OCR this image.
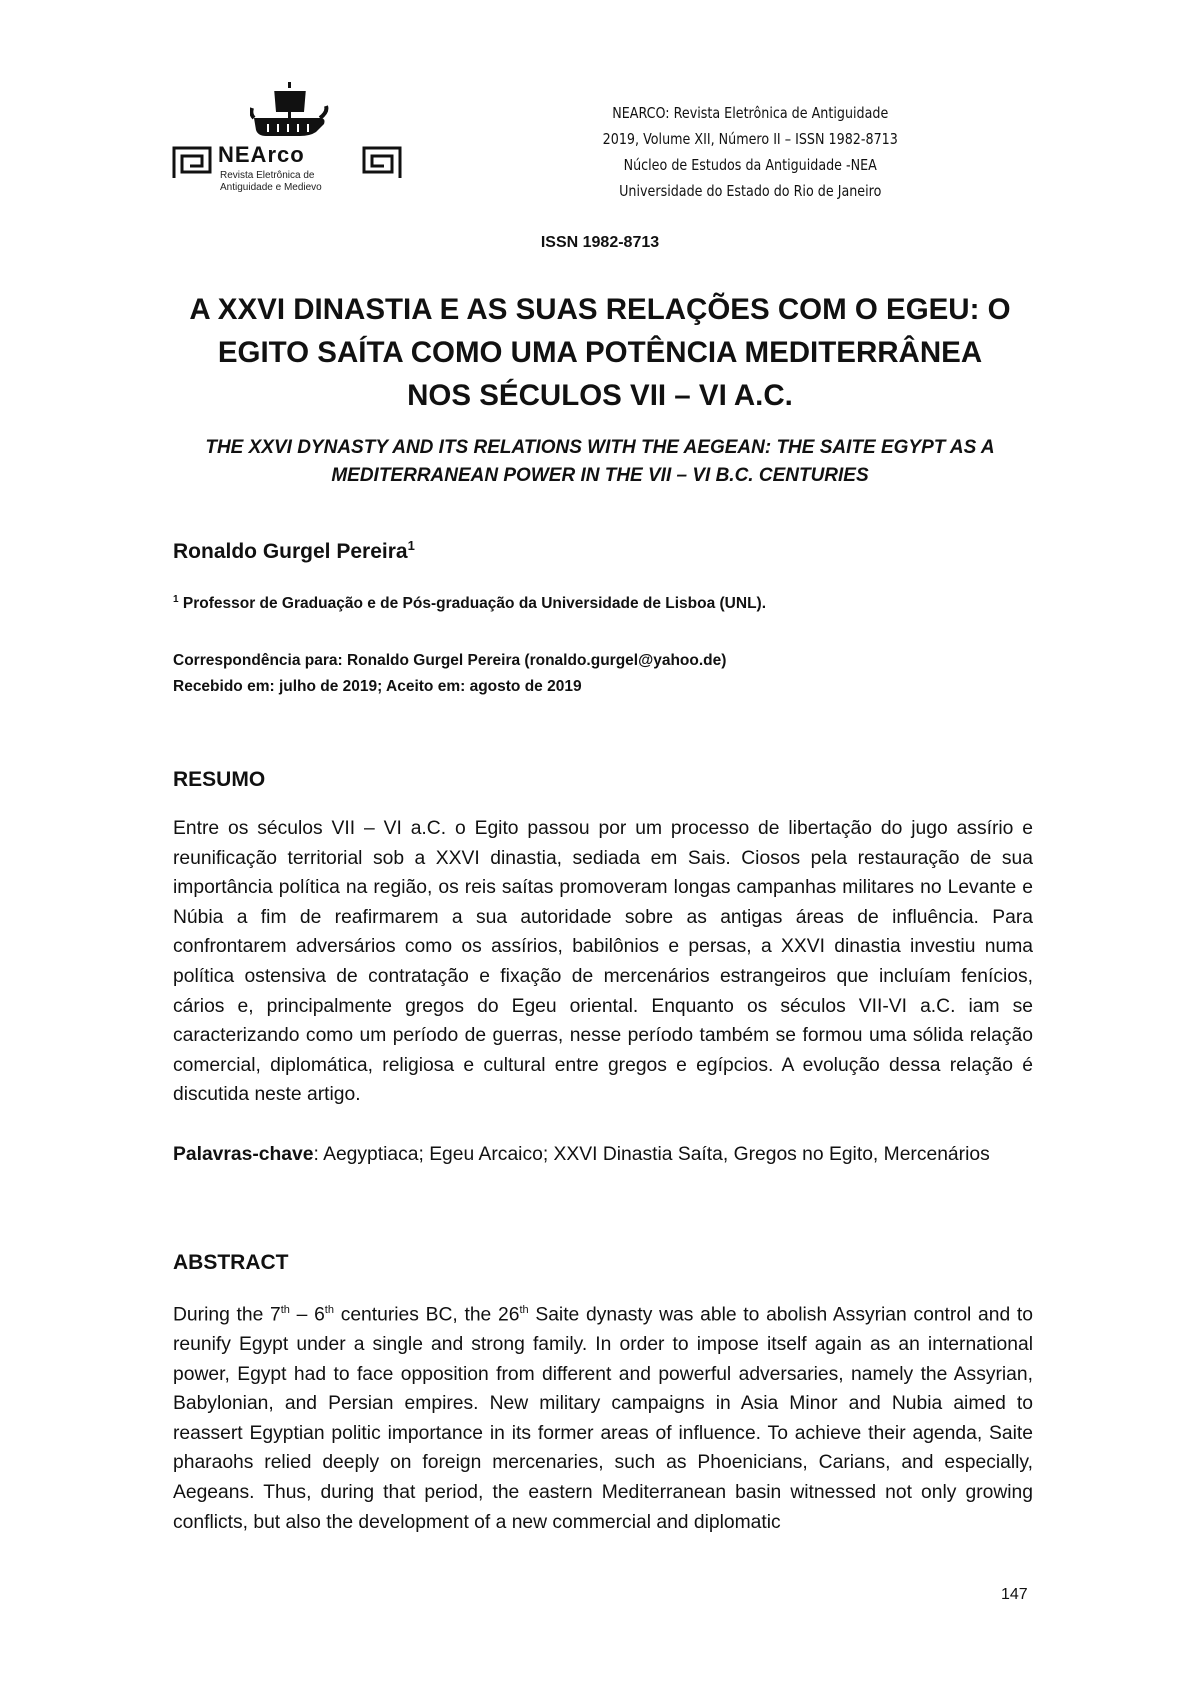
NEArco
Revista Eletrônica de
Antiguidade e Medievo
NEARCO: Revista Eletrônica de Antiguidade
2019, Volume XII, Número II – ISSN 1982-8713
Núcleo de Estudos da Antiguidade -NEA
Universidade do Estado do Rio de Janeiro
ISSN 1982-8713
A XXVI DINASTIA E AS SUAS RELAÇÕES COM O EGEU: O
EGITO SAÍTA COMO UMA POTÊNCIA MEDITERRÂNEA
NOS SÉCULOS VII – VI A.C.
THE XXVI DYNASTY AND ITS RELATIONS WITH THE AEGEAN: THE SAITE EGYPT AS A
MEDITERRANEAN POWER IN THE VII – VI B.C. CENTURIES
Ronaldo Gurgel Pereira$^1$
$^1$ Professor de Graduação e de Pós-graduação da Universidade de Lisboa (UNL).
Correspondência para: Ronaldo Gurgel Pereira (ronaldo.gurgel@yahoo.de)
Recebido em: julho de 2019; Aceito em: agosto de 2019
RESUMO
Entre os séculos VII – VI a.C. o Egito passou por um processo de libertação do jugo assírio e reunificação territorial sob a XXVI dinastia, sediada em Sais. Ciosos pela restauração de sua importância política na região, os reis saítas promoveram longas campanhas militares no Levante e Núbia a fim de reafirmarem a sua autoridade sobre as antigas áreas de influência. Para confrontarem adversários como os assírios, babilônios e persas, a XXVI dinastia investiu numa política ostensiva de contratação e fixação de mercenários estrangeiros que incluíam fenícios, cários e, principalmente gregos do Egeu oriental. Enquanto os séculos VII-VI a.C. iam se caracterizando como um período de guerras, nesse período também se formou uma sólida relação comercial, diplomática, religiosa e cultural entre gregos e egípcios. A evolução dessa relação é discutida neste artigo.
Palavras-chave: Aegyptiaca; Egeu Arcaico; XXVI Dinastia Saíta, Gregos no Egito, Mercenários
ABSTRACT
During the 7th – 6th centuries BC, the 26th Saite dynasty was able to abolish Assyrian control and to reunify Egypt under a single and strong family. In order to impose itself again as an international power, Egypt had to face opposition from different and powerful adversaries, namely the Assyrian, Babylonian, and Persian empires. New military campaigns in Asia Minor and Nubia aimed to reassert Egyptian politic importance in its former areas of influence. To achieve their agenda, Saite pharaohs relied deeply on foreign mercenaries, such as Phoenicians, Carians, and especially, Aegeans. Thus, during that period, the eastern Mediterranean basin witnessed not only growing conflicts, but also the development of a new commercial and diplomatic
147
